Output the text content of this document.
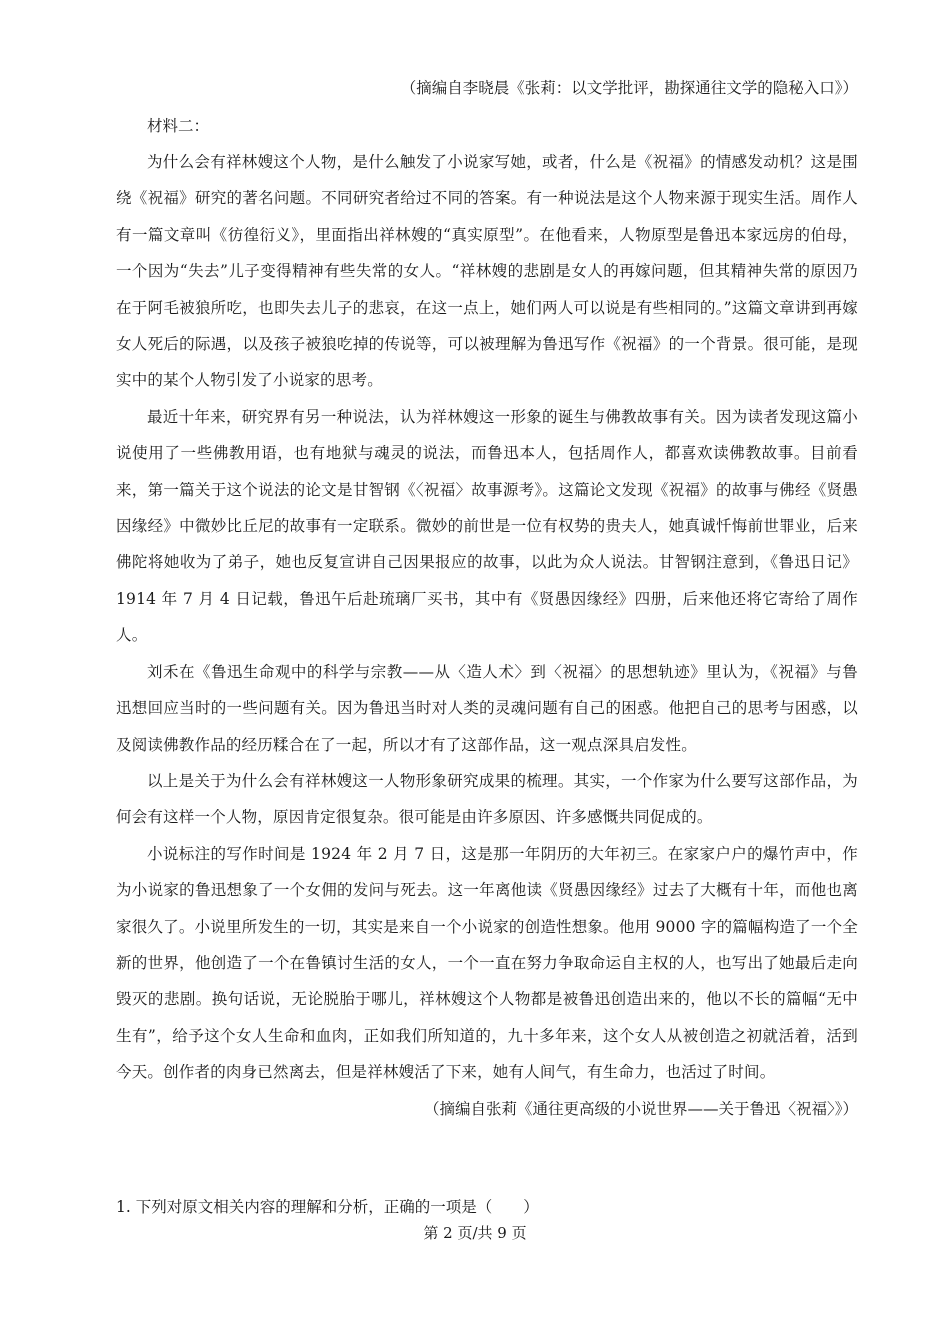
（摘编自李晓晨《张莉：以文学批评，勘探通往文学的隐秘入口》）

材料二：

为什么会有祥林嫂这个人物，是什么触发了小说家写她，或者，什么是《祝福》的情感发动机？这是围绕《祝福》研究的著名问题。不同研究者给过不同的答案。有一种说法是这个人物来源于现实生活。周作人有一篇文章叫《彷徨衍义》，里面指出祥林嫂的“真实原型”。在他看来，人物原型是鲁迅本家远房的伯母，一个因为“失去”儿子变得精神有些失常的女人。“祥林嫂的悲剧是女人的再嫁问题，但其精神失常的原因乃在于阿毛被狼所吃，也即失去儿子的悲哀，在这一点上，她们两人可以说是有些相同的。”这篇文章讲到再嫁女人死后的际遇，以及孩子被狼吃掉的传说等，可以被理解为鲁迅写作《祝福》的一个背景。很可能，是现实中的某个人物引发了小说家的思考。

最近十年来，研究界有另一种说法，认为祥林嫂这一形象的诞生与佛教故事有关。因为读者发现这篇小说使用了一些佛教用语，也有地狱与魂灵的说法，而鲁迅本人，包括周作人，都喜欢读佛教故事。目前看来，第一篇关于这个说法的论文是甘智钢《〈祝福〉故事源考》。这篇论文发现《祝福》的故事与佛经《贤愚因缘经》中微妙比丘尼的故事有一定联系。微妙的前世是一位有权势的贵夫人，她真诚忏悔前世罪业，后来佛陀将她收为了弟子，她也反复宣讲自己因果报应的故事，以此为众人说法。甘智钢注意到，《鲁迅日记》1914 年 7 月 4 日记载，鲁迅午后赴琉璃厂买书，其中有《贤愚因缘经》四册，后来他还将它寄给了周作人。

刘禾在《鲁迅生命观中的科学与宗教——从〈造人术〉到〈祝福〉的思想轨迹》里认为，《祝福》与鲁迅想回应当时的一些问题有关。因为鲁迅当时对人类的灵魂问题有自己的困惑。他把自己的思考与困惑，以及阅读佛教作品的经历糅合在了一起，所以才有了这部作品，这一观点深具启发性。

以上是关于为什么会有祥林嫂这一人物形象研究成果的梳理。其实，一个作家为什么要写这部作品，为何会有这样一个人物，原因肯定很复杂。很可能是由许多原因、许多感慨共同促成的。

小说标注的写作时间是 1924 年 2 月 7 日，这是那一年阴历的大年初三。在家家户户的爆竹声中，作为小说家的鲁迅想象了一个女佣的发问与死去。这一年离他读《贤愚因缘经》过去了大概有十年，而他也离家很久了。小说里所发生的一切，其实是来自一个小说家的创造性想象。他用 9000 字的篇幅构造了一个全新的世界，他创造了一个在鲁镇讨生活的女人，一个一直在努力争取命运自主权的人，也写出了她最后走向毁灭的悲剧。换句话说，无论脱胎于哪儿，祥林嫂这个人物都是被鲁迅创造出来的，他以不长的篇幅“无中生有”，给予这个女人生命和血肉，正如我们所知道的，九十多年来，这个女人从被创造之初就活着，活到今天。创作者的肉身已然离去，但是祥林嫂活了下来，她有人间气，有生命力，也活过了时间。

（摘编自张莉《通往更高级的小说世界——关于鲁迅〈祝福〉》）
1. 下列对原文相关内容的理解和分析，正确的一项是（　　）
第 2 页/共 9 页
